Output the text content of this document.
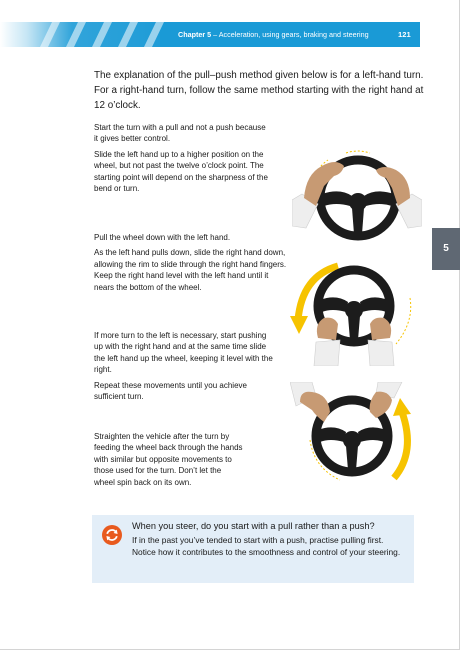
Chapter 5 – Acceleration, using gears, braking and steering	121

The explanation of the pull–push method given below is for a left-hand turn. For a right-hand turn, follow the same method starting with the right hand at 12 o’clock.

Start the turn with a pull and not a push because it gives better control.

Slide the left hand up to a higher position on the wheel, but not past the twelve o’clock point. The starting point will depend on the sharpness of the bend or turn.

Pull the wheel down with the left hand.

As the left hand pulls down, slide the right hand down, allowing the rim to slide through the right hand fingers. Keep the right hand level with the left hand until it nears the bottom of the wheel.

If more turn to the left is necessary, start pushing up with the right hand and at the same time slide the left hand up the wheel, keeping it level with the right.

Repeat these movements until you achieve sufficient turn.

Straighten the vehicle after the turn by feeding the wheel back through the hands with similar but opposite movements to those used for the turn. Don’t let the wheel spin back on its own.

5

When you steer, do you start with a pull rather than a push?

If in the past you’ve tended to start with a push, practise pulling first. Notice how it contributes to the smoothness and control of your steering.
